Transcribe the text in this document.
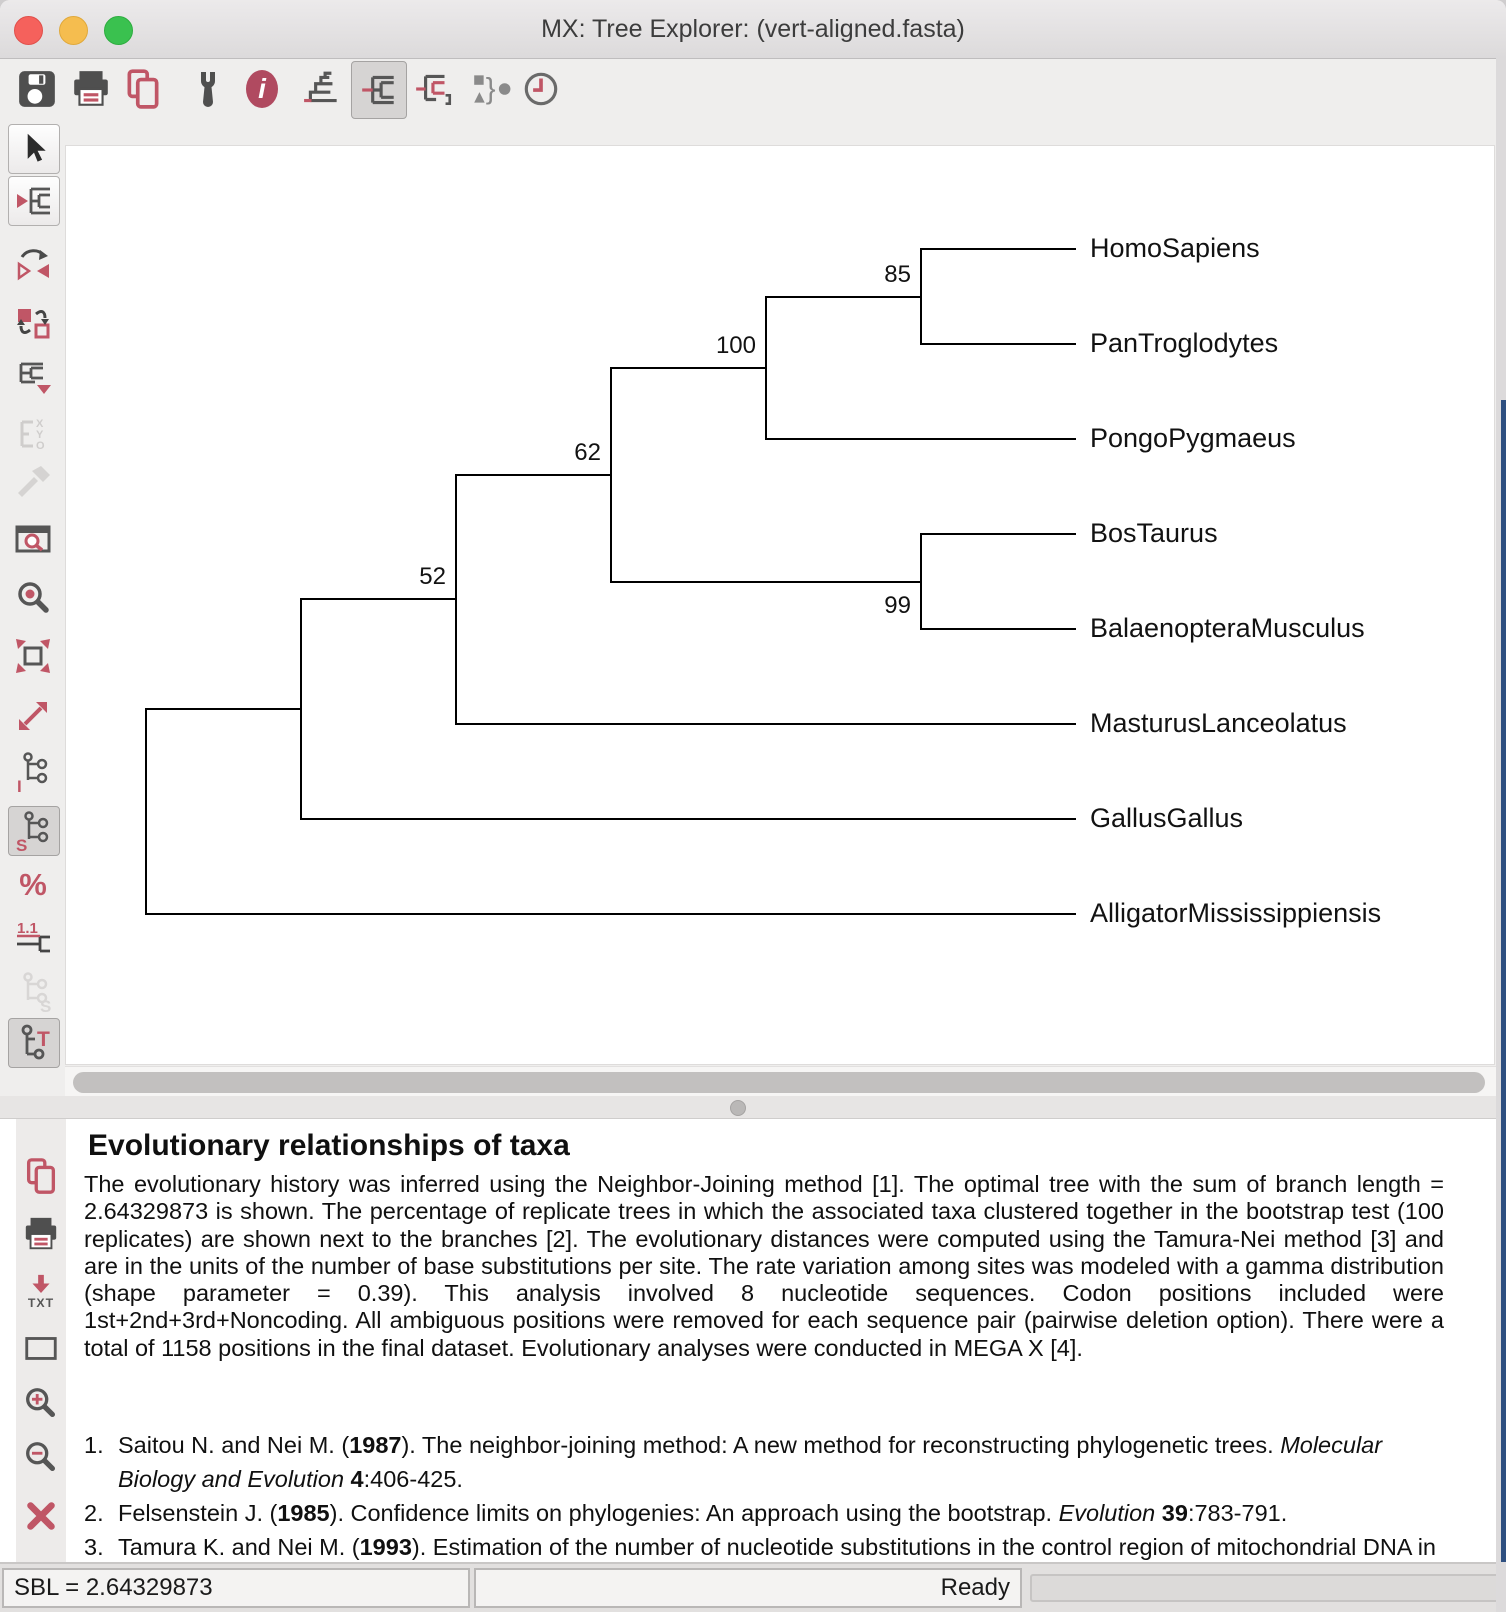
MX: Tree Explorer: (vert-aligned.fasta)
i	}
X
Y
O
I
S
%
1.1
S
T
52
62
100
85
HomoSapiens
PanTroglodytes
PongoPygmaeus
99
BosTaurus
BalaenopteraMusculus
MasturusLanceolatus
GallusGallus
AlligatorMississippiensis
TXT
Evolutionary relationships of taxa
The evolutionary history was inferred using the Neighbor-Joining method [1]. The optimal tree with the sum of branch length = 2.64329873 is shown. The percentage of replicate trees in which the associated taxa clustered together in the bootstrap test (100 replicates) are shown next to the branches [2]. The evolutionary distances were computed using the Tamura-Nei method [3] and are in the units of the number of base substitutions per site. The rate variation among sites was modeled with a gamma distribution (shape parameter = 0.39). This analysis involved 8 nucleotide sequences. Codon positions included were 1st+2nd+3rd+Noncoding. All ambiguous positions were removed for each sequence pair (pairwise deletion option). There were a total of 1158 positions in the final dataset. Evolutionary analyses were conducted in MEGA X [4].
1. Saitou N. and Nei M. (1987). The neighbor-joining method: A new method for reconstructing phylogenetic trees. Molecular Biology and Evolution 4:406-425.
2. Felsenstein J. (1985). Confidence limits on phylogenies: An approach using the bootstrap. Evolution 39:783-791.
3. Tamura K. and Nei M. (1993). Estimation of the number of nucleotide substitutions in the control region of mitochondrial DNA in
SBL = 2.64329873	Ready
